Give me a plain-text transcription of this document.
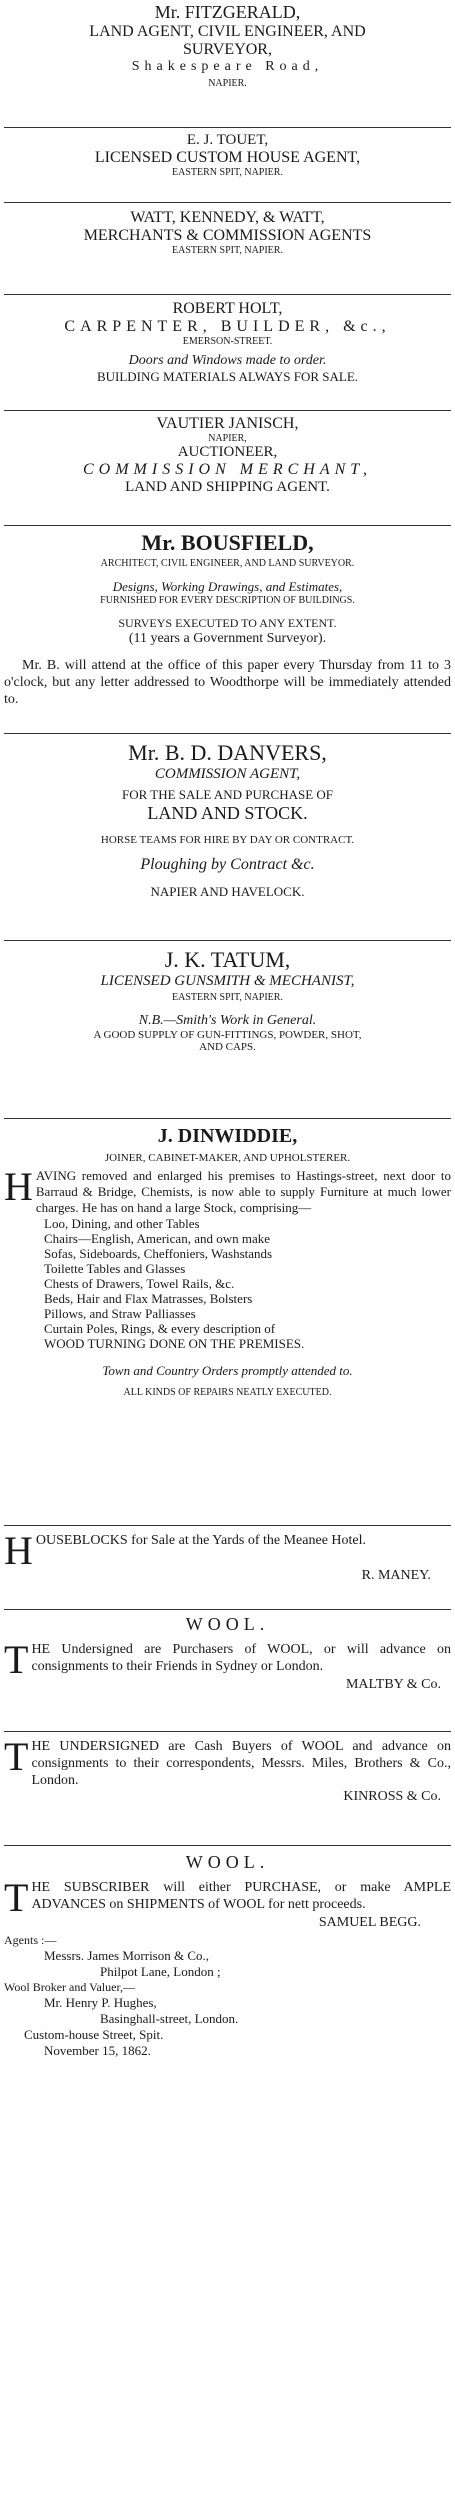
Mr. FITZGERALD,
LAND AGENT, CIVIL ENGINEER, AND
SURVEYOR,
Shakespeare Road,
NAPIER.
E. J. TOUET,
LICENSED CUSTOM HOUSE AGENT,
EASTERN SPIT, NAPIER.
WATT, KENNEDY, & WATT,
MERCHANTS & COMMISSION AGENTS
EASTERN SPIT, NAPIER.
ROBERT HOLT,
CARPENTER, BUILDER, &c.,
EMERSON-STREET.
Doors and Windows made to order.
BUILDING MATERIALS ALWAYS FOR SALE.
VAUTIER JANISCH,
NAPIER,
AUCTIONEER,
COMMISSION MERCHANT,
LAND AND SHIPPING AGENT.
Mr. BOUSFIELD,
ARCHITECT, CIVIL ENGINEER, AND LAND SURVEYOR.
Designs, Working Drawings, and Estimates,
FURNISHED FOR EVERY DESCRIPTION OF BUILDINGS.
SURVEYS EXECUTED TO ANY EXTENT.
(11 years a Government Surveyor).
Mr. B. will attend at the office of this paper every Thursday from 11 to 3 o'clock, but any letter addressed to Woodthorpe will be immediately attended to.
Mr. B. D. DANVERS,
COMMISSION AGENT,
FOR THE SALE AND PURCHASE OF
LAND AND STOCK.
HORSE TEAMS FOR HIRE BY DAY OR CONTRACT.
Ploughing by Contract &c.
NAPIER AND HAVELOCK.
J. K. TATUM,
LICENSED GUNSMITH & MECHANIST,
EASTERN SPIT, NAPIER.
N.B.—Smith's Work in General.
A GOOD SUPPLY OF GUN-FITTINGS, POWDER, SHOT,
AND CAPS.
J. DINWIDDIE,
JOINER, CABINET-MAKER, AND UPHOLSTERER.
H AVING removed and enlarged his premises to Hastings-street, next door to Barraud & Bridge, Chemists, is now able to supply Furniture at much lower charges. He has on hand a large Stock, comprising—
Loo, Dining, and other Tables
Chairs—English, American, and own make
Sofas, Sideboards, Cheffoniers, Washstands
Toilette Tables and Glasses
Chests of Drawers, Towel Rails, &c.
Beds, Hair and Flax Matrasses, Bolsters
Pillows, and Straw Palliasses
Curtain Poles, Rings, & every description of
WOOD TURNING DONE ON THE PREMISES.
Town and Country Orders promptly attended to.
ALL KINDS OF REPAIRS NEATLY EXECUTED.
H OUSEBLOCKS for Sale at the Yards of the Meanee Hotel.
R. MANEY.
WOOL.
T HE Undersigned are Purchasers of WOOL, or will advance on consignments to their Friends in Sydney or London.
MALTBY & Co.
T HE UNDERSIGNED are Cash Buyers of WOOL and advance on consignments to their correspondents, Messrs. Miles, Brothers & Co., London.
KINROSS & Co.
WOOL.
T HE SUBSCRIBER will either PURCHASE, or make AMPLE ADVANCES on SHIPMENTS of WOOL for nett proceeds.
SAMUEL BEGG.
Agents :—
Messrs. James Morrison & Co.,
Philpot Lane, London ;
Wool Broker and Valuer,—
Mr. Henry P. Hughes,
Basinghall-street, London.
Custom-house Street, Spit.
November 15, 1862.
